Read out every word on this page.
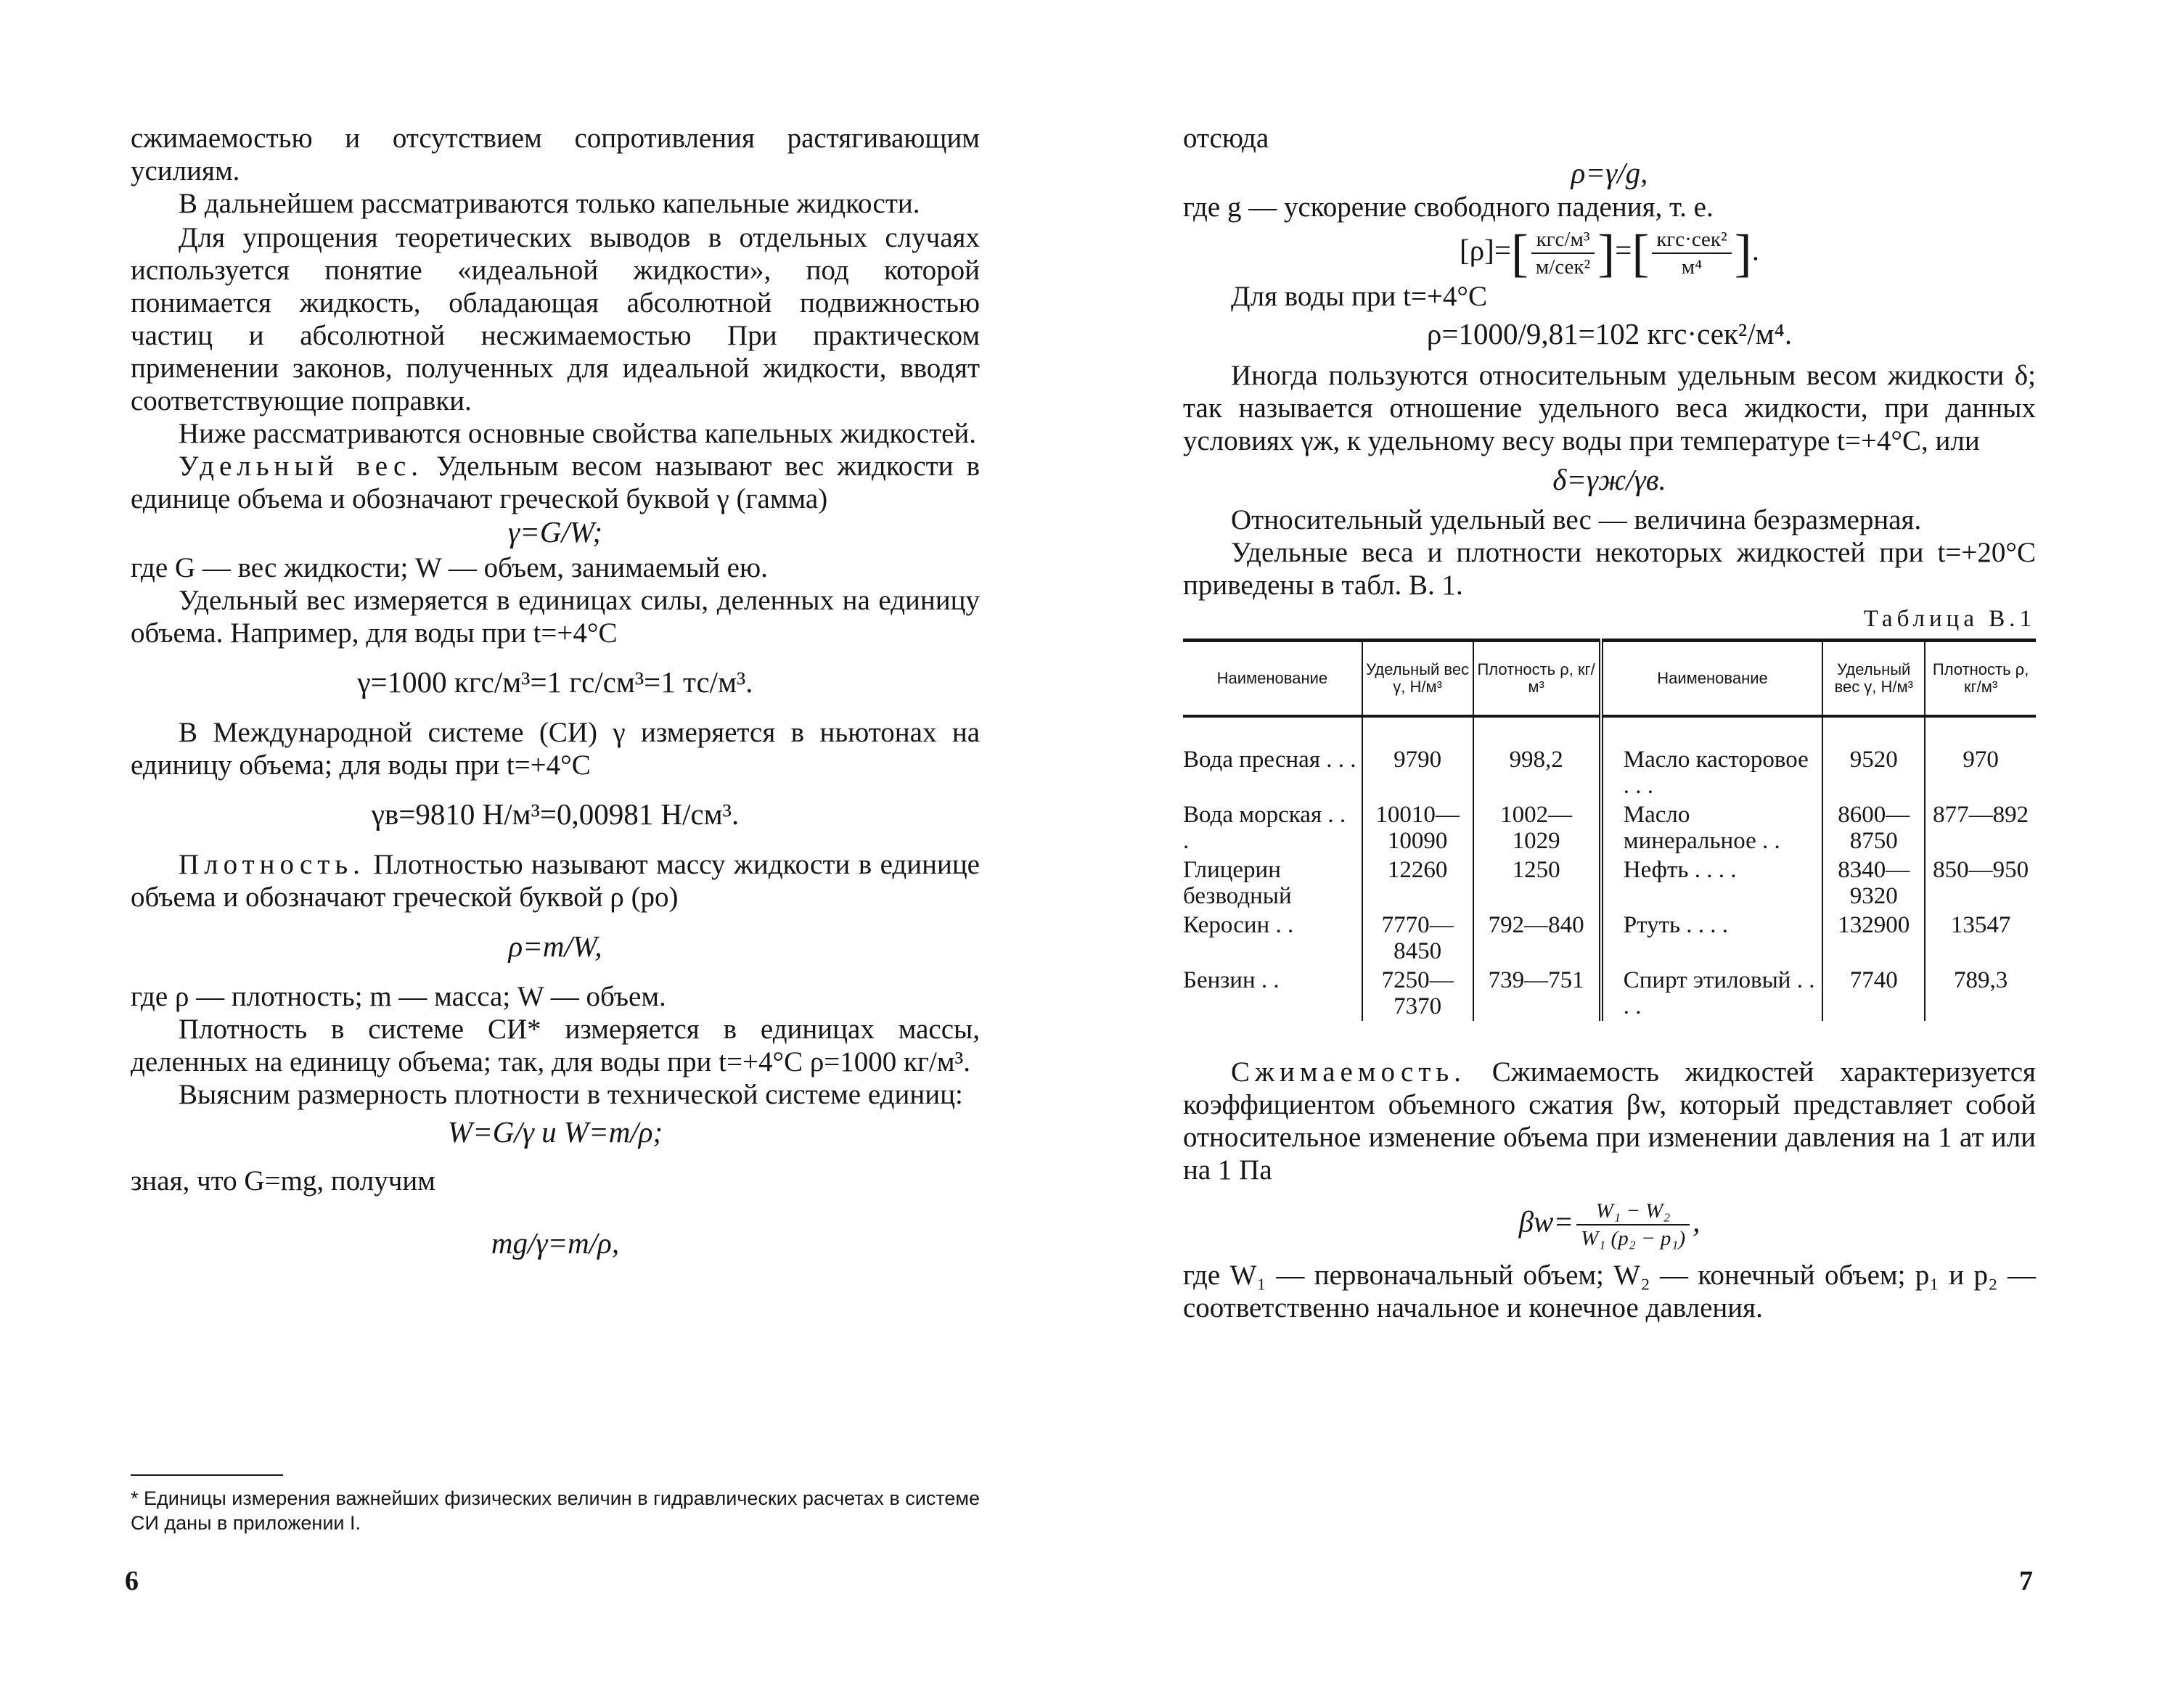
сжимаемостью и отсутствием сопротивления растягивающим усилиям.

В дальнейшем рассматриваются только капельные жидкости.

Для упрощения теоретических выводов в отдельных случаях используется понятие «идеальной жидкости», под которой понимается жидкость, обладающая абсолютной подвижностью частиц и абсолютной несжимаемостью При практическом применении законов, полученных для идеальной жидкости, вводят соответствующие поправки.

Ниже рассматриваются основные свойства капельных жидкостей.

Удельный вес. Удельным весом называют вес жидкости в единице объема и обозначают греческой буквой γ (гамма)

γ=G/W;

где G — вес жидкости; W — объем, занимаемый ею.

Удельный вес измеряется в единицах силы, деленных на единицу объема. Например, для воды при t=+4°C

γ=1000 кгс/м³=1 гс/см³=1 тс/м³.

В Международной системе (СИ) γ измеряется в ньютонах на единицу объема; для воды при t=+4°C

γв=9810 Н/м³=0,00981 Н/см³.

Плотность. Плотностью называют массу жидкости в единице объема и обозначают греческой буквой ρ (ро)

ρ=m/W,

где ρ — плотность; m — масса; W — объем.

Плотность в системе СИ* измеряется в единицах массы, деленных на единицу объема; так, для воды при t=+4°C ρ=1000 кг/м³.

Выясним размерность плотности в технической системе единиц:

W=G/γ и W=m/ρ;

зная, что G=mg, получим

mg/γ=m/ρ,

* Единицы измерения важнейших физических величин в гидравлических расчетах в системе СИ даны в приложении I.
6

отсюда

ρ=γ/g,

где g — ускорение свободного падения, т. е.

$[\rho]=[ \frac{\text{кгс/м³}}{\text{м/сек²}}$ ]=[ $\frac{\text{кгс·сек²}}{\text{м⁴}}$ ].

Для воды при t=+4°C

ρ=1000/9,81=102 кгс·сек²/м⁴.

Иногда пользуются относительным удельным весом жидкости δ; так называется отношение удельного веса жидкости, при данных условиях γж, к удельному весу воды при температуре t=+4°C, или

δ=γж/γв.

Относительный удельный вес — величина безразмерная.

Удельные веса и плотности некоторых жидкостей при t=+20°C приведены в табл. В. 1.

Таблица В.1
Наименование	Удельный вес γ, Н/м³	Плотность ρ, кг/м³	Наименование	Удельный вес γ, Н/м³	Плотность ρ, кг/м³
Вода пресная . . .	9790	998,2	Масло касторовое . . .	9520	970
Вода морская . . .	10010—10090	1002—1029	Масло минеральное . .	8600—8750	877—892
Глицерин безводный	12260	1250	Нефть . . . .	8340—9320	850—950
Керосин . .	7770—8450	792—840	Ртуть . . . .	132900	13547
Бензин . .	7250—7370	739—751	Спирт этиловый . . . .	7740	789,3

Сжимаемость. Сжимаемость жидкостей характеризуется коэффициентом объемного сжатия βw, который представляет собой относительное изменение объема при изменении давления на 1 ат или на 1 Па

$\beta w= \frac{\text{W₁ − W₂}}{\text{W₁ (p₂ − p₁)}}$ ,

где W₁ — первоначальный объем; W₂ — конечный объем; p₁ и p₂ — соответственно начальное и конечное давления.

7
